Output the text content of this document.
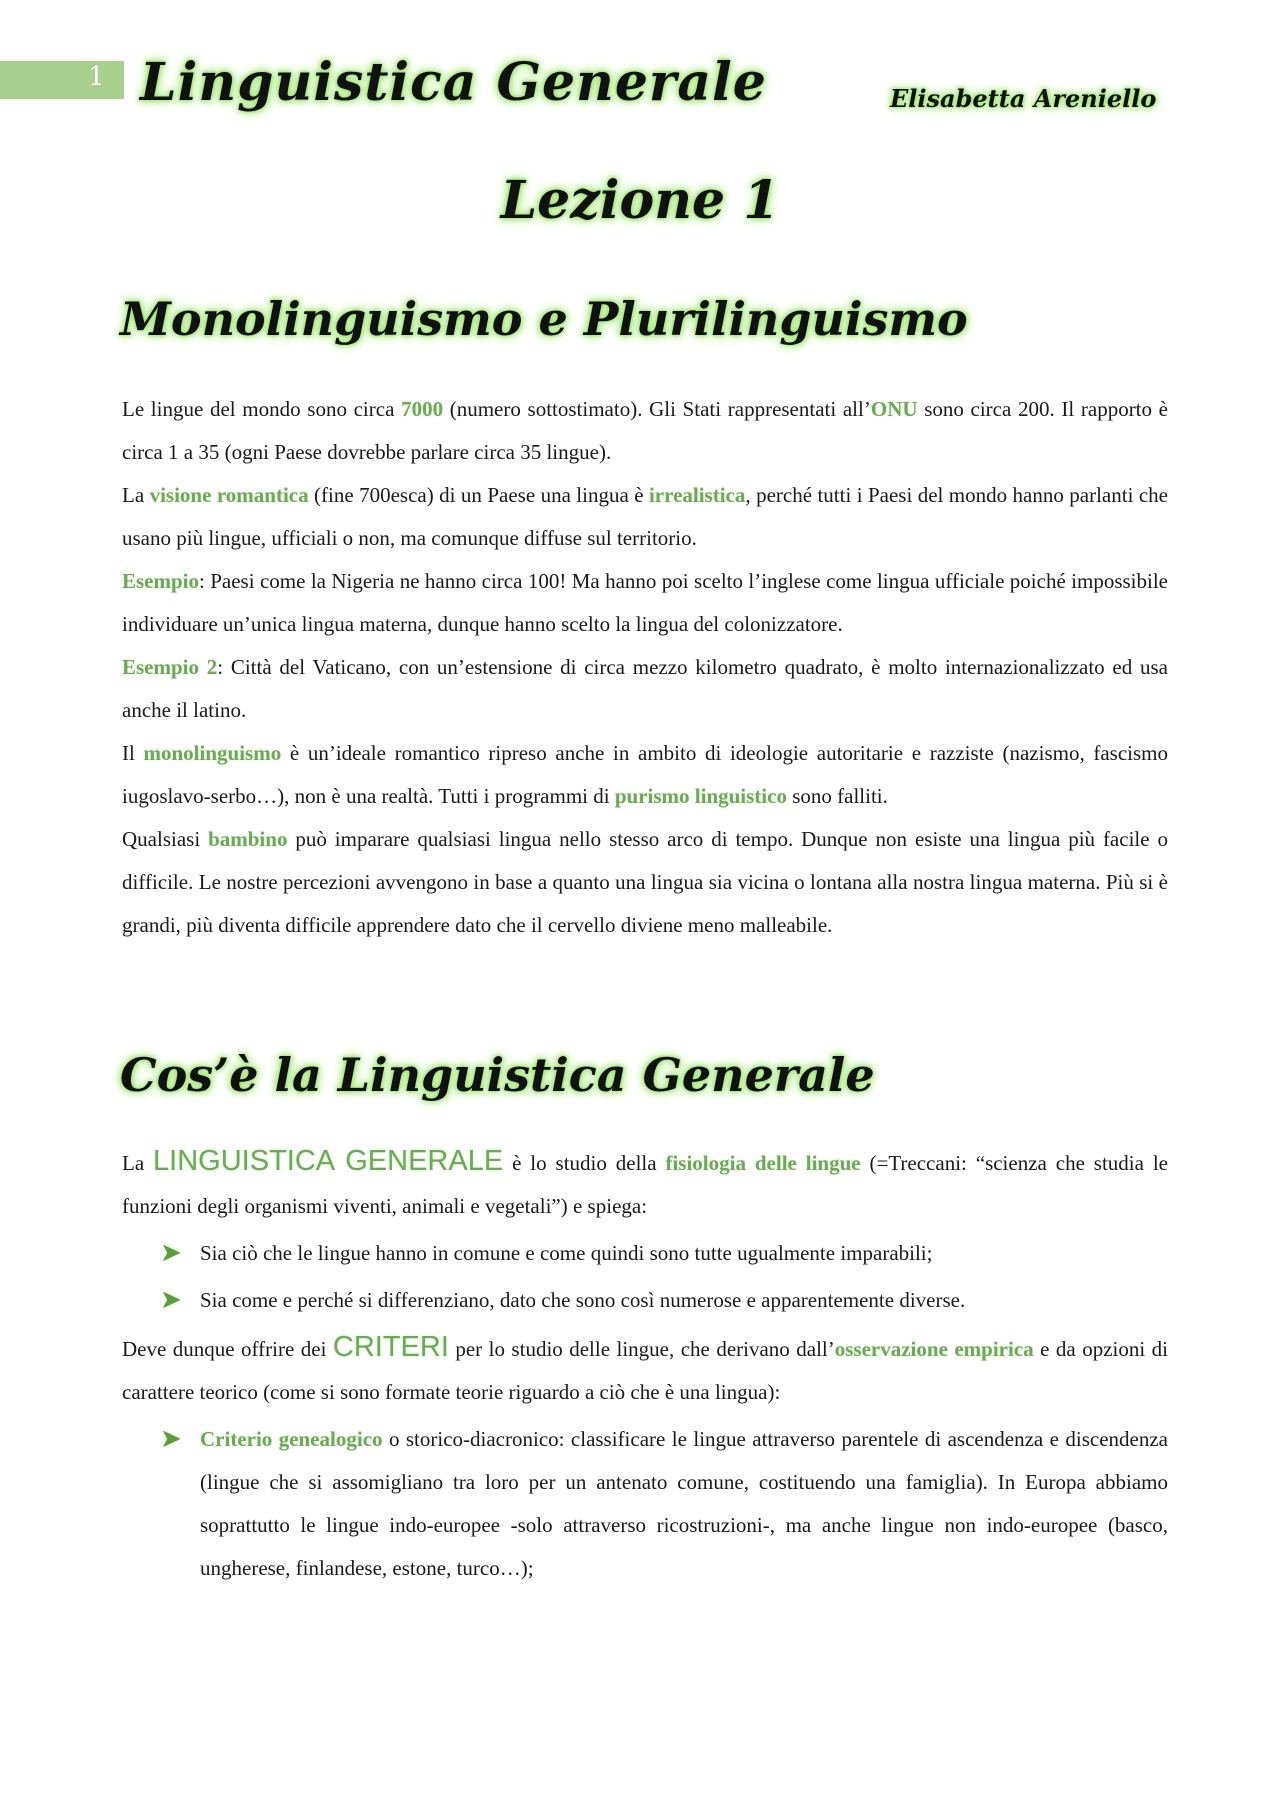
1 Linguistica Generale	Elisabetta Areniello
Lezione 1
Monolinguismo e Plurilinguismo

Le lingue del mondo sono circa 7000 (numero sottostimato). Gli Stati rappresentati all’ONU sono circa 200. Il rapporto è circa 1 a 35 (ogni Paese dovrebbe parlare circa 35 lingue).

La visione romantica (fine 700esca) di un Paese una lingua è irrealistica, perché tutti i Paesi del mondo hanno parlanti che usano più lingue, ufficiali o non, ma comunque diffuse sul territorio.

Esempio: Paesi come la Nigeria ne hanno circa 100! Ma hanno poi scelto l’inglese come lingua ufficiale poiché impossibile individuare un’unica lingua materna, dunque hanno scelto la lingua del colonizzatore.

Esempio 2: Città del Vaticano, con un’estensione di circa mezzo kilometro quadrato, è molto internazionalizzato ed usa anche il latino.

Il monolinguismo è un’ideale romantico ripreso anche in ambito di ideologie autoritarie e razziste (nazismo, fascismo iugoslavo-serbo…), non è una realtà. Tutti i programmi di purismo linguistico sono falliti.

Qualsiasi bambino può imparare qualsiasi lingua nello stesso arco di tempo. Dunque non esiste una lingua più facile o difficile. Le nostre percezioni avvengono in base a quanto una lingua sia vicina o lontana alla nostra lingua materna. Più si è grandi, più diventa difficile apprendere dato che il cervello diviene meno malleabile.

Cos’è la Linguistica Generale

La LINGUISTICA GENERALE è lo studio della fisiologia delle lingue (=Treccani: “scienza che studia le funzioni degli organismi viventi, animali e vegetali”) e spiega:

➤ Sia ciò che le lingue hanno in comune e come quindi sono tutte ugualmente imparabili;
➤ Sia come e perché si differenziano, dato che sono così numerose e apparentemente diverse.

Deve dunque offrire dei CRITERI per lo studio delle lingue, che derivano dall’osservazione empirica e da opzioni di carattere teorico (come si sono formate teorie riguardo a ciò che è una lingua):

➤ Criterio genealogico o storico-diacronico: classificare le lingue attraverso parentele di ascendenza e discendenza (lingue che si assomigliano tra loro per un antenato comune, costituendo una famiglia). In Europa abbiamo soprattutto le lingue indo-europee -solo attraverso ricostruzioni-, ma anche lingue non indo-europee (basco, ungherese, finlandese, estone, turco…);
